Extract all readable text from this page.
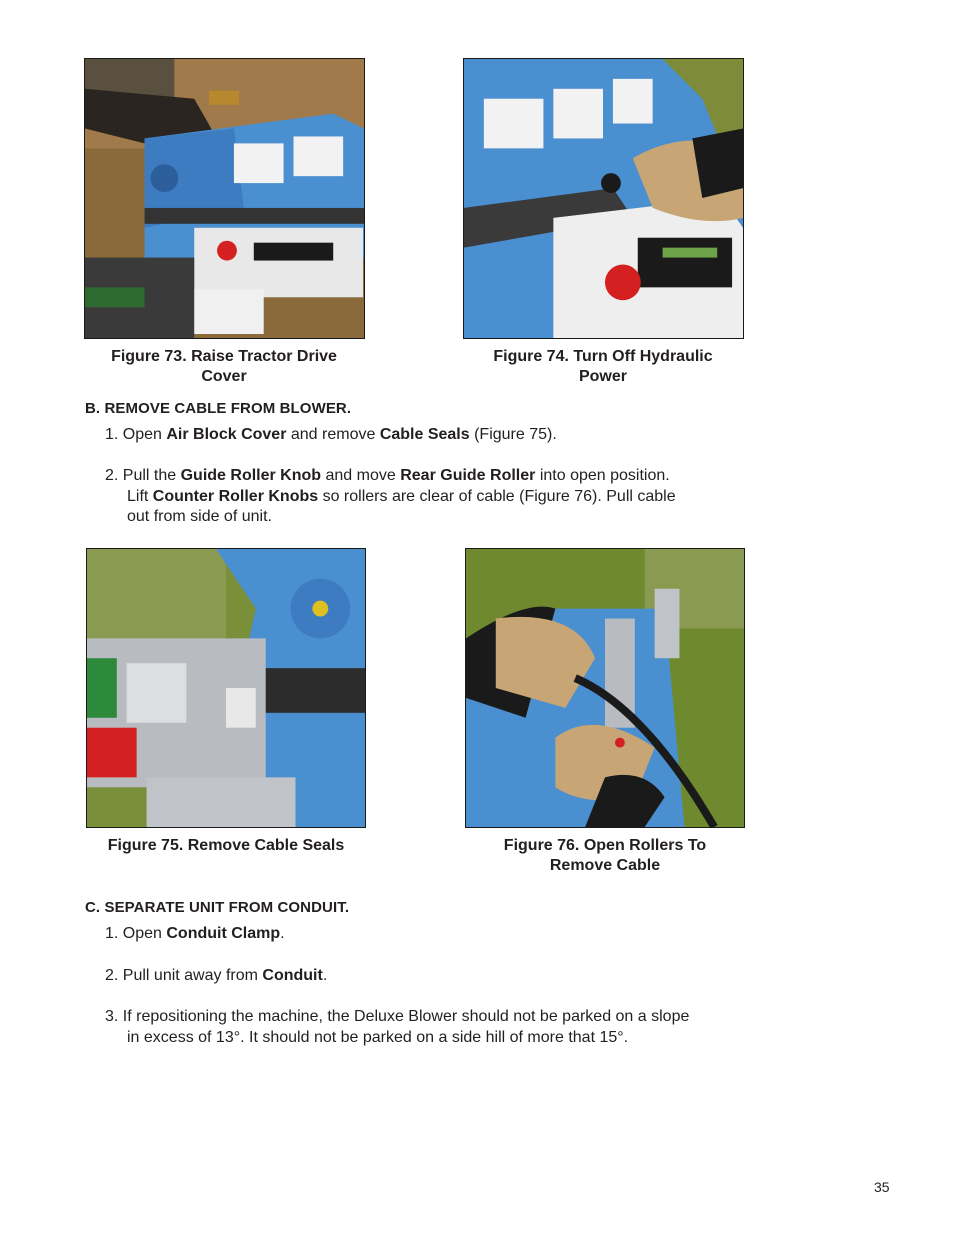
Figure 73. Raise Tractor Drive
Cover
Figure 74. Turn Off Hydraulic
Power
B. REMOVE CABLE FROM BLOWER.
1. Open Air Block Cover and remove Cable Seals (Figure 75).
2. Pull the Guide Roller Knob and move Rear Guide Roller into open position.
Lift Counter Roller Knobs so rollers are clear of cable (Figure 76). Pull cable
out from side of unit.
Figure 75. Remove Cable Seals	Figure 76. Open Rollers To
Remove Cable
C. SEPARATE UNIT FROM CONDUIT.
1. Open Conduit Clamp.
2. Pull unit away from Conduit.
3. If repositioning the machine, the Deluxe Blower should not be parked on a slope
in excess of 13°. It should not be parked on a side hill of more that 15°.
35
